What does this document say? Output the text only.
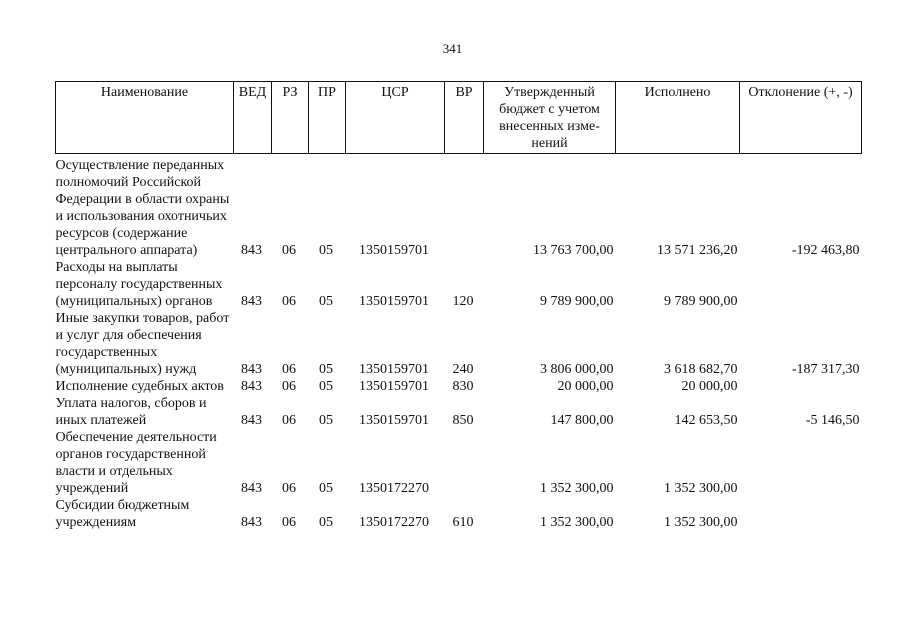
341
Наименование	ВЕД	РЗ	ПР	ЦСР	ВР	Утвержденный бюджет с учетом внесенных изме-нений	Исполнено	Отклонение (+, -)
Осуществление переданных полномочий Российской Федерации в области охраны и использования охотничьих ресурсов (содержание центрального аппарата)	843	06	05	1350159701		13 763 700,00	13 571 236,20	-192 463,80
Расходы на выплаты персоналу государственных (муниципальных) органов	843	06	05	1350159701	120	9 789 900,00	9 789 900,00	
Иные закупки товаров, работ и услуг для обеспечения государственных (муниципальных) нужд	843	06	05	1350159701	240	3 806 000,00	3 618 682,70	-187 317,30
Исполнение судебных актов	843	06	05	1350159701	830	20 000,00	20 000,00	
Уплата налогов, сборов и иных платежей	843	06	05	1350159701	850	147 800,00	142 653,50	-5 146,50
Обеспечение деятельности органов государственной власти и отдельных учреждений	843	06	05	1350172270		1 352 300,00	1 352 300,00	
Субсидии бюджетным учреждениям	843	06	05	1350172270	610	1 352 300,00	1 352 300,00	
